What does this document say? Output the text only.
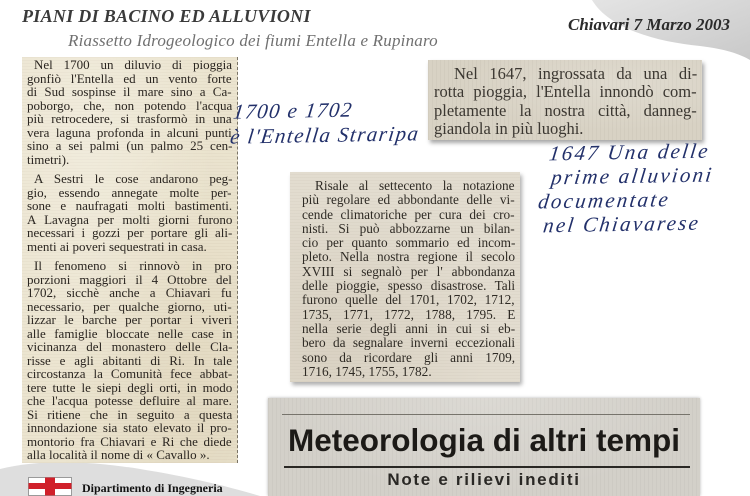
PIANI DI BACINO ED ALLUVIONI
Riassetto Idrogeologico dei fiumi Entella e Rupinaro
Chiavari 7 Marzo 2003
Nel 1700 un diluvio di pioggia
gonfiò l'Entella ed un vento forte
di Sud sospinse il mare sino a Ca-
poborgo, che, non potendo l'acqua
più retrocedere, si trasformò in una
vera laguna profonda in alcuni punti
sino a sei palmi (un palmo 25 cen-
timetri).
A Sestri le cose andarono peg-
gio, essendo annegate molte per-
sone e naufragati molti bastimenti.
A Lavagna per molti giorni furono
necessari i gozzi per portare gli ali-
menti ai poveri sequestrati in casa.
Il fenomeno si rinnovò in pro
porzioni maggiori il 4 Ottobre del
1702, sicchè anche a Chiavari fu
necessario, per qualche giorno, uti-
lizzar le barche per portar i viveri
alle famiglie bloccate nelle case in
vicinanza del monastero delle Cla-
risse e agli abitanti di Ri. In tale
circostanza la Comunità fece abbat-
tere tutte le siepi degli orti, in modo
che l'acqua potesse defluire al mare.
Si ritiene che in seguito a questa
innondazione sia stato elevato il pro-
montorio fra Chiavari e Ri che diede
alla località il nome di « Cavallo ».
Nel 1647, ingrossata da una di-
rotta pioggia, l'Entella innondò com-
pletamente la nostra città, danneg-
giandola in più luoghi.
Risale al settecento la notazione
più regolare ed abbondante delle vi-
cende climatoriche per cura dei cro-
nisti. Si può abbozzarne un bilan-
cio per quanto sommario ed incom-
pleto. Nella nostra regione il secolo
XVIII si segnalò per l' abbondanza
delle pioggie, spesso disastrose. Tali
furono quelle del 1701, 1702, 1712,
1735, 1771, 1772, 1788, 1795. E
nella serie degli anni in cui si eb-
bero da segnalare inverni eccezionali
sono da ricordare gli anni 1709,
1716, 1745, 1755, 1782.
Meteorologia di altri tempi
Note e rilievi inediti
1700 e 1702
è l'Entella Straripa
1647 Una delle
prime alluvioni
documentate
nel Chiavarese
Dipartimento di Ingegneria
